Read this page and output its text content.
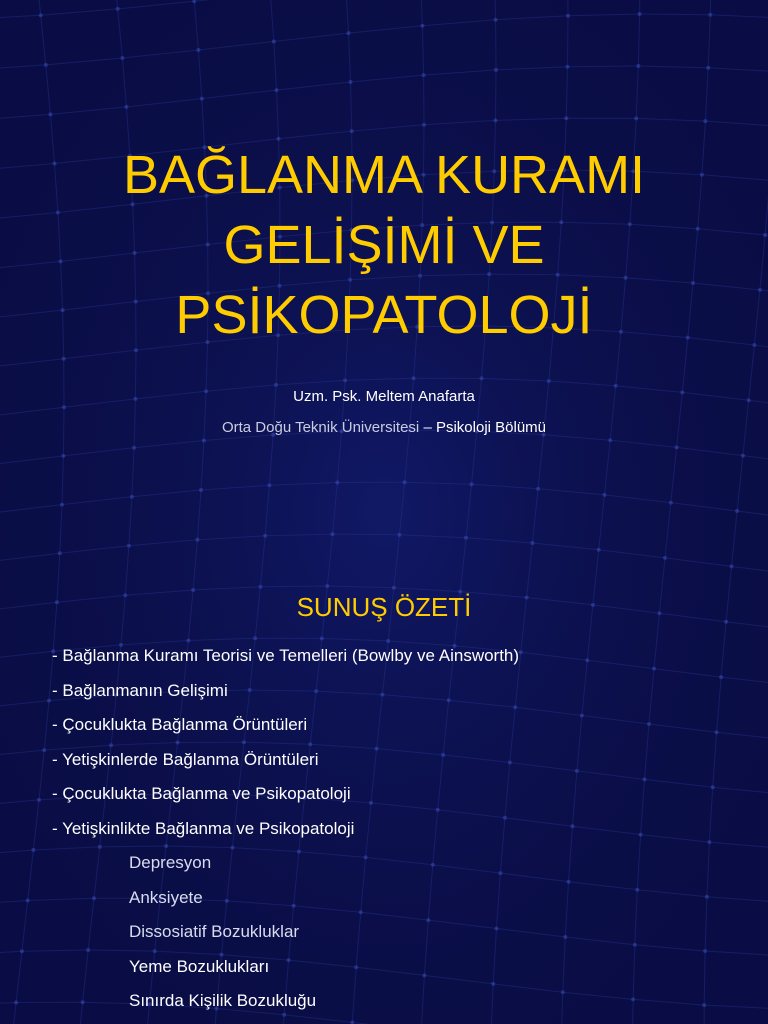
BAĞLANMA KURAMI
GELİŞİMİ VE
PSİKOPATOLOJİ
Uzm. Psk. Meltem Anafarta
Orta Doğu Teknik Üniversitesi – Psikoloji Bölümü
SUNUŞ ÖZETİ
- Bağlanma Kuramı Teorisi ve Temelleri (Bowlby ve Ainsworth)
- Bağlanmanın Gelişimi
- Çocuklukta Bağlanma Örüntüleri
- Yetişkinlerde Bağlanma Örüntüleri
- Çocuklukta Bağlanma ve Psikopatoloji
- Yetişkinlikte Bağlanma ve Psikopatoloji
Depresyon
Anksiyete
Dissosiatif Bozukluklar
Yeme Bozuklukları
Sınırda Kişilik Bozukluğu
